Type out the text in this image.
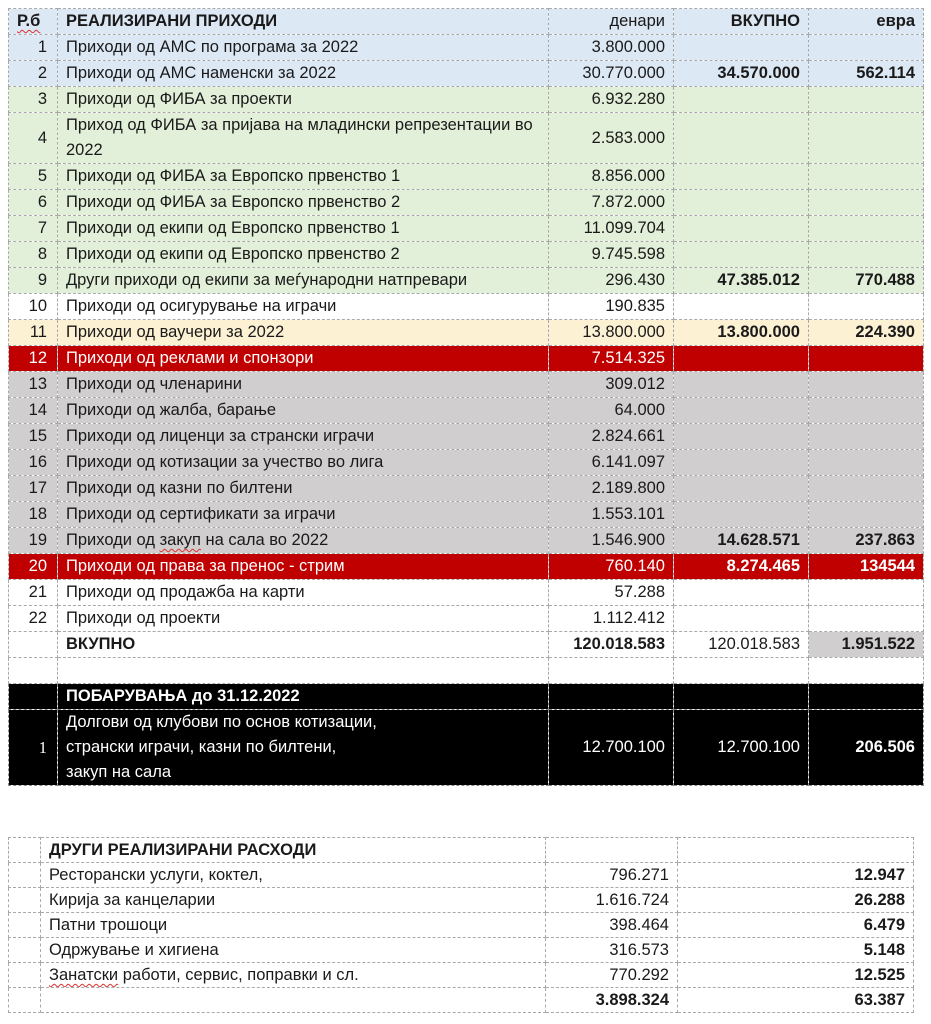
Р.б	РЕАЛИЗИРАНИ ПРИХОДИ	денари	ВКУПНО	евра
1	Приходи од АМС по програма за 2022	3.800.000		
2	Приходи од АМС наменски за 2022	30.770.000	34.570.000	562.114
3	Приходи од ФИБА за проекти	6.932.280		
4	Приход од ФИБА за пријава на младински репрезентации во 2022	2.583.000		
5	Приходи од ФИБА за Европско првенство 1	8.856.000		
6	Приходи од ФИБА за Европско првенство 2	7.872.000		
7	Приходи од екипи од Европско првенство 1	11.099.704		
8	Приходи од екипи од Европско првенство 2	9.745.598		
9	Други приходи од екипи за меѓународни натпревари	296.430	47.385.012	770.488
10	Приходи од осигурување на играчи	190.835		
11	Приходи од ваучери за 2022	13.800.000	13.800.000	224.390
12	Приходи од реклами и спонзори	7.514.325		
13	Приходи од членарини	309.012		
14	Приходи од жалба, барање	64.000		
15	Приходи од лиценци за странски играчи	2.824.661		
16	Приходи од котизации за учество во лига	6.141.097		
17	Приходи од казни по билтени	2.189.800		
18	Приходи од сертификати за играчи	1.553.101		
19	Приходи од закуп на сала во 2022	1.546.900	14.628.571	237.863
20	Приходи од права за пренос - стрим	760.140	8.274.465	134544
21	Приходи од продажба на карти	57.288		
22	Приходи од проекти	1.112.412		
	ВКУПНО	120.018.583	120.018.583	1.951.522

	ПОБАРУВАЊА до 31.12.2022			
1	Долгови од клубови по основ котизации,
странски играчи, казни по билтени,
закуп на сала	12.700.100	12.700.100	206.506
	ДРУГИ РЕАЛИЗИРАНИ РАСХОДИ		
	Ресторански услуги, коктел,	796.271	12.947
	Кирија за канцеларии	1.616.724	26.288
	Патни трошоци	398.464	6.479
	Одржување и хигиена	316.573	5.148
	Занатски работи, сервис, поправки и сл.	770.292	12.525
		3.898.324	63.387
